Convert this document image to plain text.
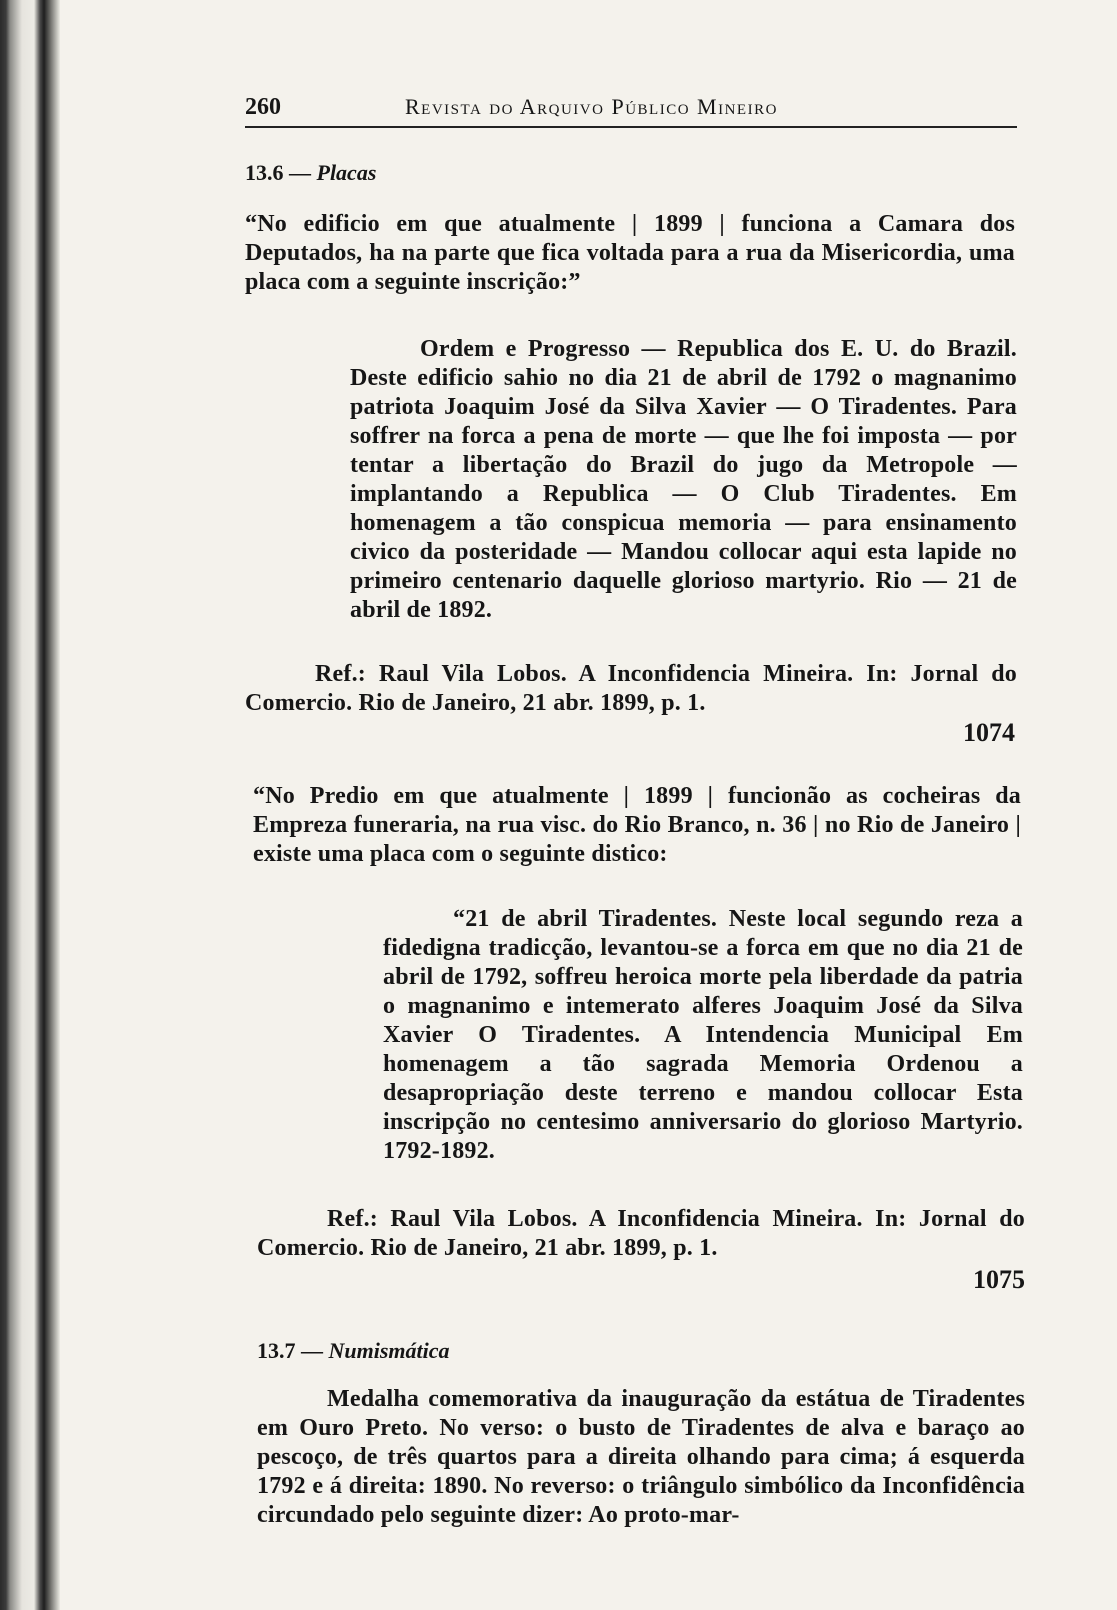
260	Revista do Arquivo Público Mineiro
13.6 — Placas

“No edificio em que atualmente | 1899 | funciona a Camara dos Deputados, ha na parte que fica voltada para a rua da Misericordia, uma placa com a seguinte inscrição:”

Ordem e Progresso — Republica dos E. U. do Brazil. Deste edificio sahio no dia 21 de abril de 1792 o magnanimo patriota Joaquim José da Silva Xavier — O Tiradentes. Para soffrer na forca a pena de morte — que lhe foi imposta — por tentar a libertação do Brazil do jugo da Metropole — implantando a Republica — O Club Tiradentes. Em homenagem a tão conspicua memoria — para ensinamento civico da posteridade — Mandou collocar aqui esta lapide no primeiro centenario daquelle glorioso martyrio. Rio — 21 de abril de 1892.

Ref.: Raul Vila Lobos. A Inconfidencia Mineira. In: Jornal do Comercio. Rio de Janeiro, 21 abr. 1899, p. 1.

1074

“No Predio em que atualmente | 1899 | funcionão as cocheiras da Empreza funeraria, na rua visc. do Rio Branco, n. 36 | no Rio de Janeiro | existe uma placa com o seguinte distico:

“21 de abril Tiradentes. Neste local segundo reza a fidedigna tradicção, levantou-se a forca em que no dia 21 de abril de 1792, soffreu heroica morte pela liberdade da patria o magnanimo e intemerato alferes Joaquim José da Silva Xavier O Tiradentes. A Intendencia Municipal Em homenagem a tão sagrada Memoria Ordenou a desapropriação deste terreno e mandou collocar Esta inscripção no centesimo anniversario do glorioso Martyrio. 1792-1892.

Ref.: Raul Vila Lobos. A Inconfidencia Mineira. In: Jornal do Comercio. Rio de Janeiro, 21 abr. 1899, p. 1.

1075
13.7 — Numismática

Medalha comemorativa da inauguração da estátua de Tiradentes em Ouro Preto. No verso: o busto de Tiradentes de alva e baraço ao pescoço, de três quartos para a direita olhando para cima; á esquerda 1792 e á direita: 1890. No reverso: o triângulo simbólico da Inconfidência circundado pelo seguinte dizer: Ao proto-mar-
